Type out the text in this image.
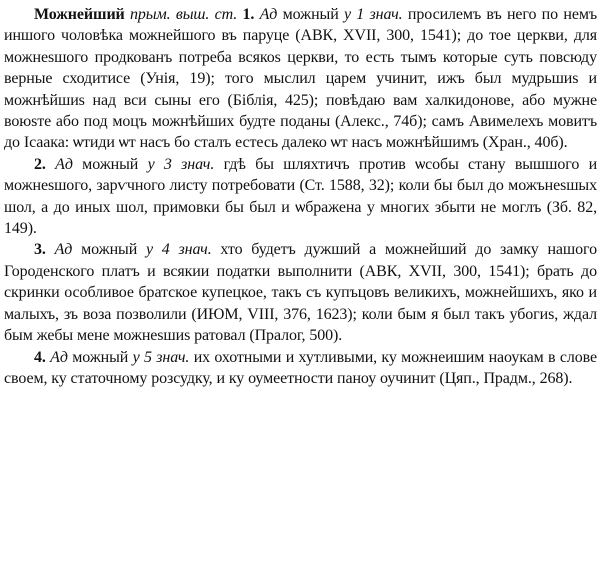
Можнейший прым. выш. ст. 1. Ад можный у 1 знач. просилемъ въ него по немъ иншого чоловѣка можнейшого въ паруце (АВК, XVII, 300, 1541); до тое церкви, для можнеѕшого продкованъ потреба всякоѕ церкви, то есть тымъ которые суть повсюду верные сходитисе (Унія, 19); того мыслил царем учинит, ижъ был мудрьшиѕ и можнѣйшиѕ над вси сыны его (Біблія, 425); повѣдаю вам халкидонове, або мужне воюѕте або под моцъ можнѣйших будте поданы (Алекс., 74б); самъ Авимелехъ мовитъ до Ісаака: ѡтиди ѡт насъ бо сталъ естесь далеко ѡт насъ можнѣйшимъ (Хран., 40б).

2. Ад можный у 3 знач. гдѣ бы шляхтичъ против ѡсобы стану вышшого и можнеѕшого, зарѵчного листу потребовати (Ст. 1588, 32); коли бы был до можънеѕшых шол, а до иных шол, примовки бы был и ѡбражена у многих збыти не моглъ (Зб. 82, 149).

3. Ад можный у 4 знач. хто будетъ дужший а можнейший до замку нашого Городенского платъ и всякии податки выполнити (АВК, XVII, 300, 1541); брать до скринки особливое братское купецкое, такъ съ купъцовъ великихъ, можнейшихъ, яко и малыхъ, зъ воза позволили (ИЮМ, VIII, 376, 1623); коли бым я был такъ убогиѕ, ждал бым жебы мене можнеѕшиѕ ратовал (Пралог, 500).

4. Ад можный у 5 знач. их охотными и хутливыми, ку можнеишим наоукам в слове своем, ку статочному розсудку, и ку оумеетности паноу оучинит (Цяп., Прадм., 268).
